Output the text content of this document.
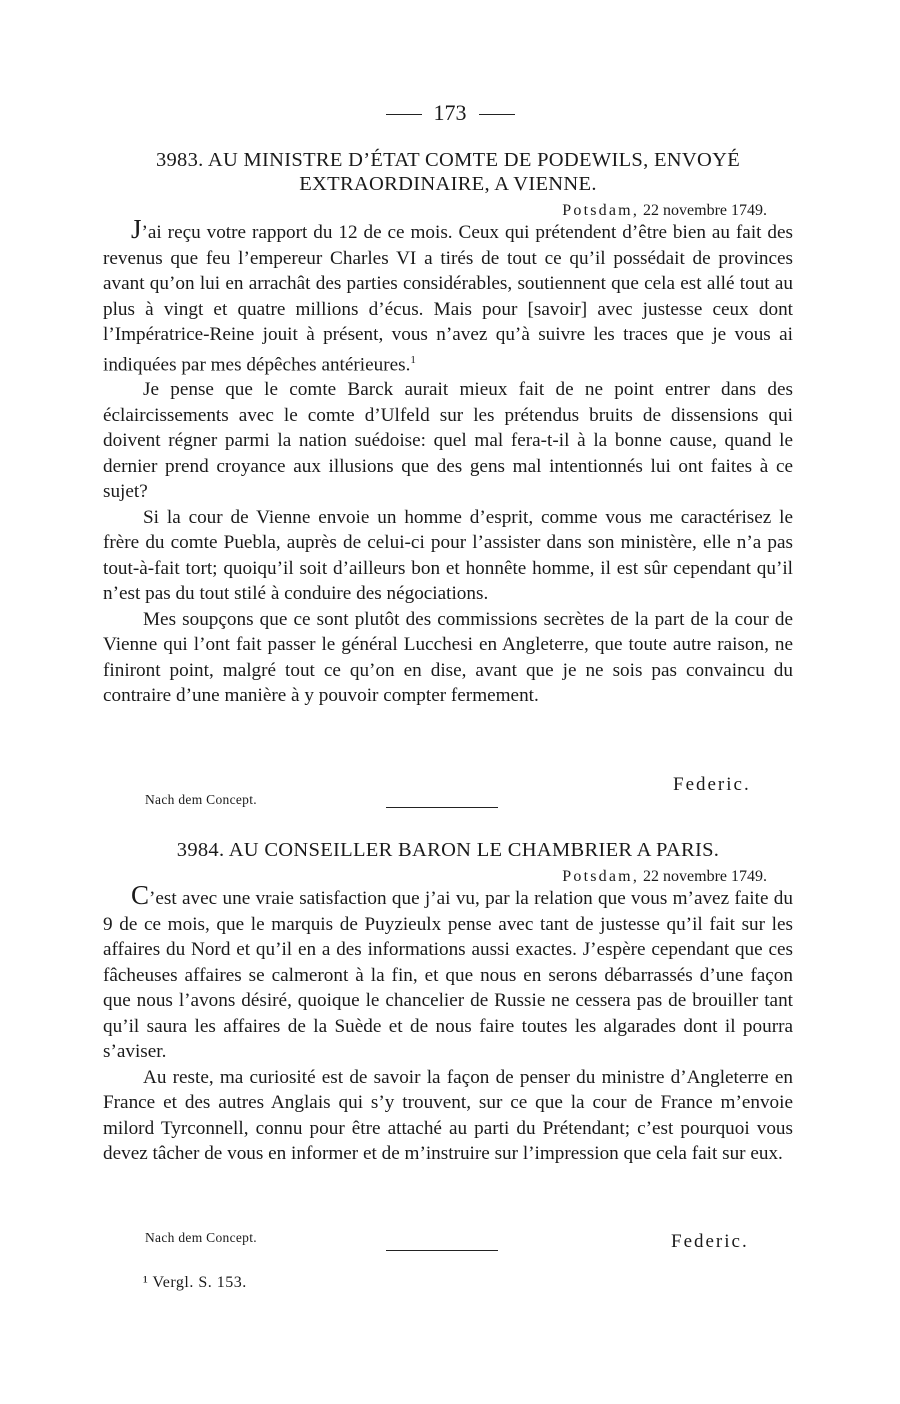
173
3983. AU MINISTRE D’ÉTAT COMTE DE PODEWILS, ENVOYÉ
EXTRAORDINAIRE, A VIENNE.
Potsdam, 22 novembre 1749.

J’ai reçu votre rapport du 12 de ce mois. Ceux qui prétendent d’être bien au fait des revenus que feu l’empereur Charles VI a tirés de tout ce qu’il possédait de provinces avant qu’on lui en arrachât des parties considérables, soutiennent que cela est allé tout au plus à vingt et quatre millions d’écus. Mais pour [savoir] avec justesse ceux dont l’Impératrice-Reine jouit à présent, vous n’avez qu’à suivre les traces que je vous ai indiquées par mes dépêches antérieures.$^1$

Je pense que le comte Barck aurait mieux fait de ne point entrer dans des éclaircissements avec le comte d’Ulfeld sur les prétendus bruits de dissensions qui doivent régner parmi la nation suédoise: quel mal fera-t-il à la bonne cause, quand le dernier prend croyance aux illusions que des gens mal intentionnés lui ont faites à ce sujet?

Si la cour de Vienne envoie un homme d’esprit, comme vous me caractérisez le frère du comte Puebla, auprès de celui-ci pour l’assister dans son ministère, elle n’a pas tout-à-fait tort; quoiqu’il soit d’ailleurs bon et honnête homme, il est sûr cependant qu’il n’est pas du tout stilé à conduire des négociations.

Mes soupçons que ce sont plutôt des commissions secrètes de la part de la cour de Vienne qui l’ont fait passer le général Lucchesi en Angleterre, que toute autre raison, ne finiront point, malgré tout ce qu’on en dise, avant que je ne sois pas convaincu du contraire d’une manière à y pouvoir compter fermement.

Federic.
Nach dem Concept.
3984. AU CONSEILLER BARON LE CHAMBRIER A PARIS.
Potsdam, 22 novembre 1749.

C’est avec une vraie satisfaction que j’ai vu, par la relation que vous m’avez faite du 9 de ce mois, que le marquis de Puyzieulx pense avec tant de justesse qu’il fait sur les affaires du Nord et qu’il en a des informations aussi exactes. J’espère cependant que ces fâcheuses affaires se calmeront à la fin, et que nous en serons débarrassés d’une façon que nous l’avons désiré, quoique le chancelier de Russie ne cessera pas de brouiller tant qu’il saura les affaires de la Suède et de nous faire toutes les algarades dont il pourra s’aviser.

Au reste, ma curiosité est de savoir la façon de penser du ministre d’Angleterre en France et des autres Anglais qui s’y trouvent, sur ce que la cour de France m’envoie milord Tyrconnell, connu pour être attaché au parti du Prétendant; c’est pourquoi vous devez tâcher de vous en informer et de m’instruire sur l’impression que cela fait sur eux.

Nach dem Concept.	Federic.
¹ Vergl. S. 153.
